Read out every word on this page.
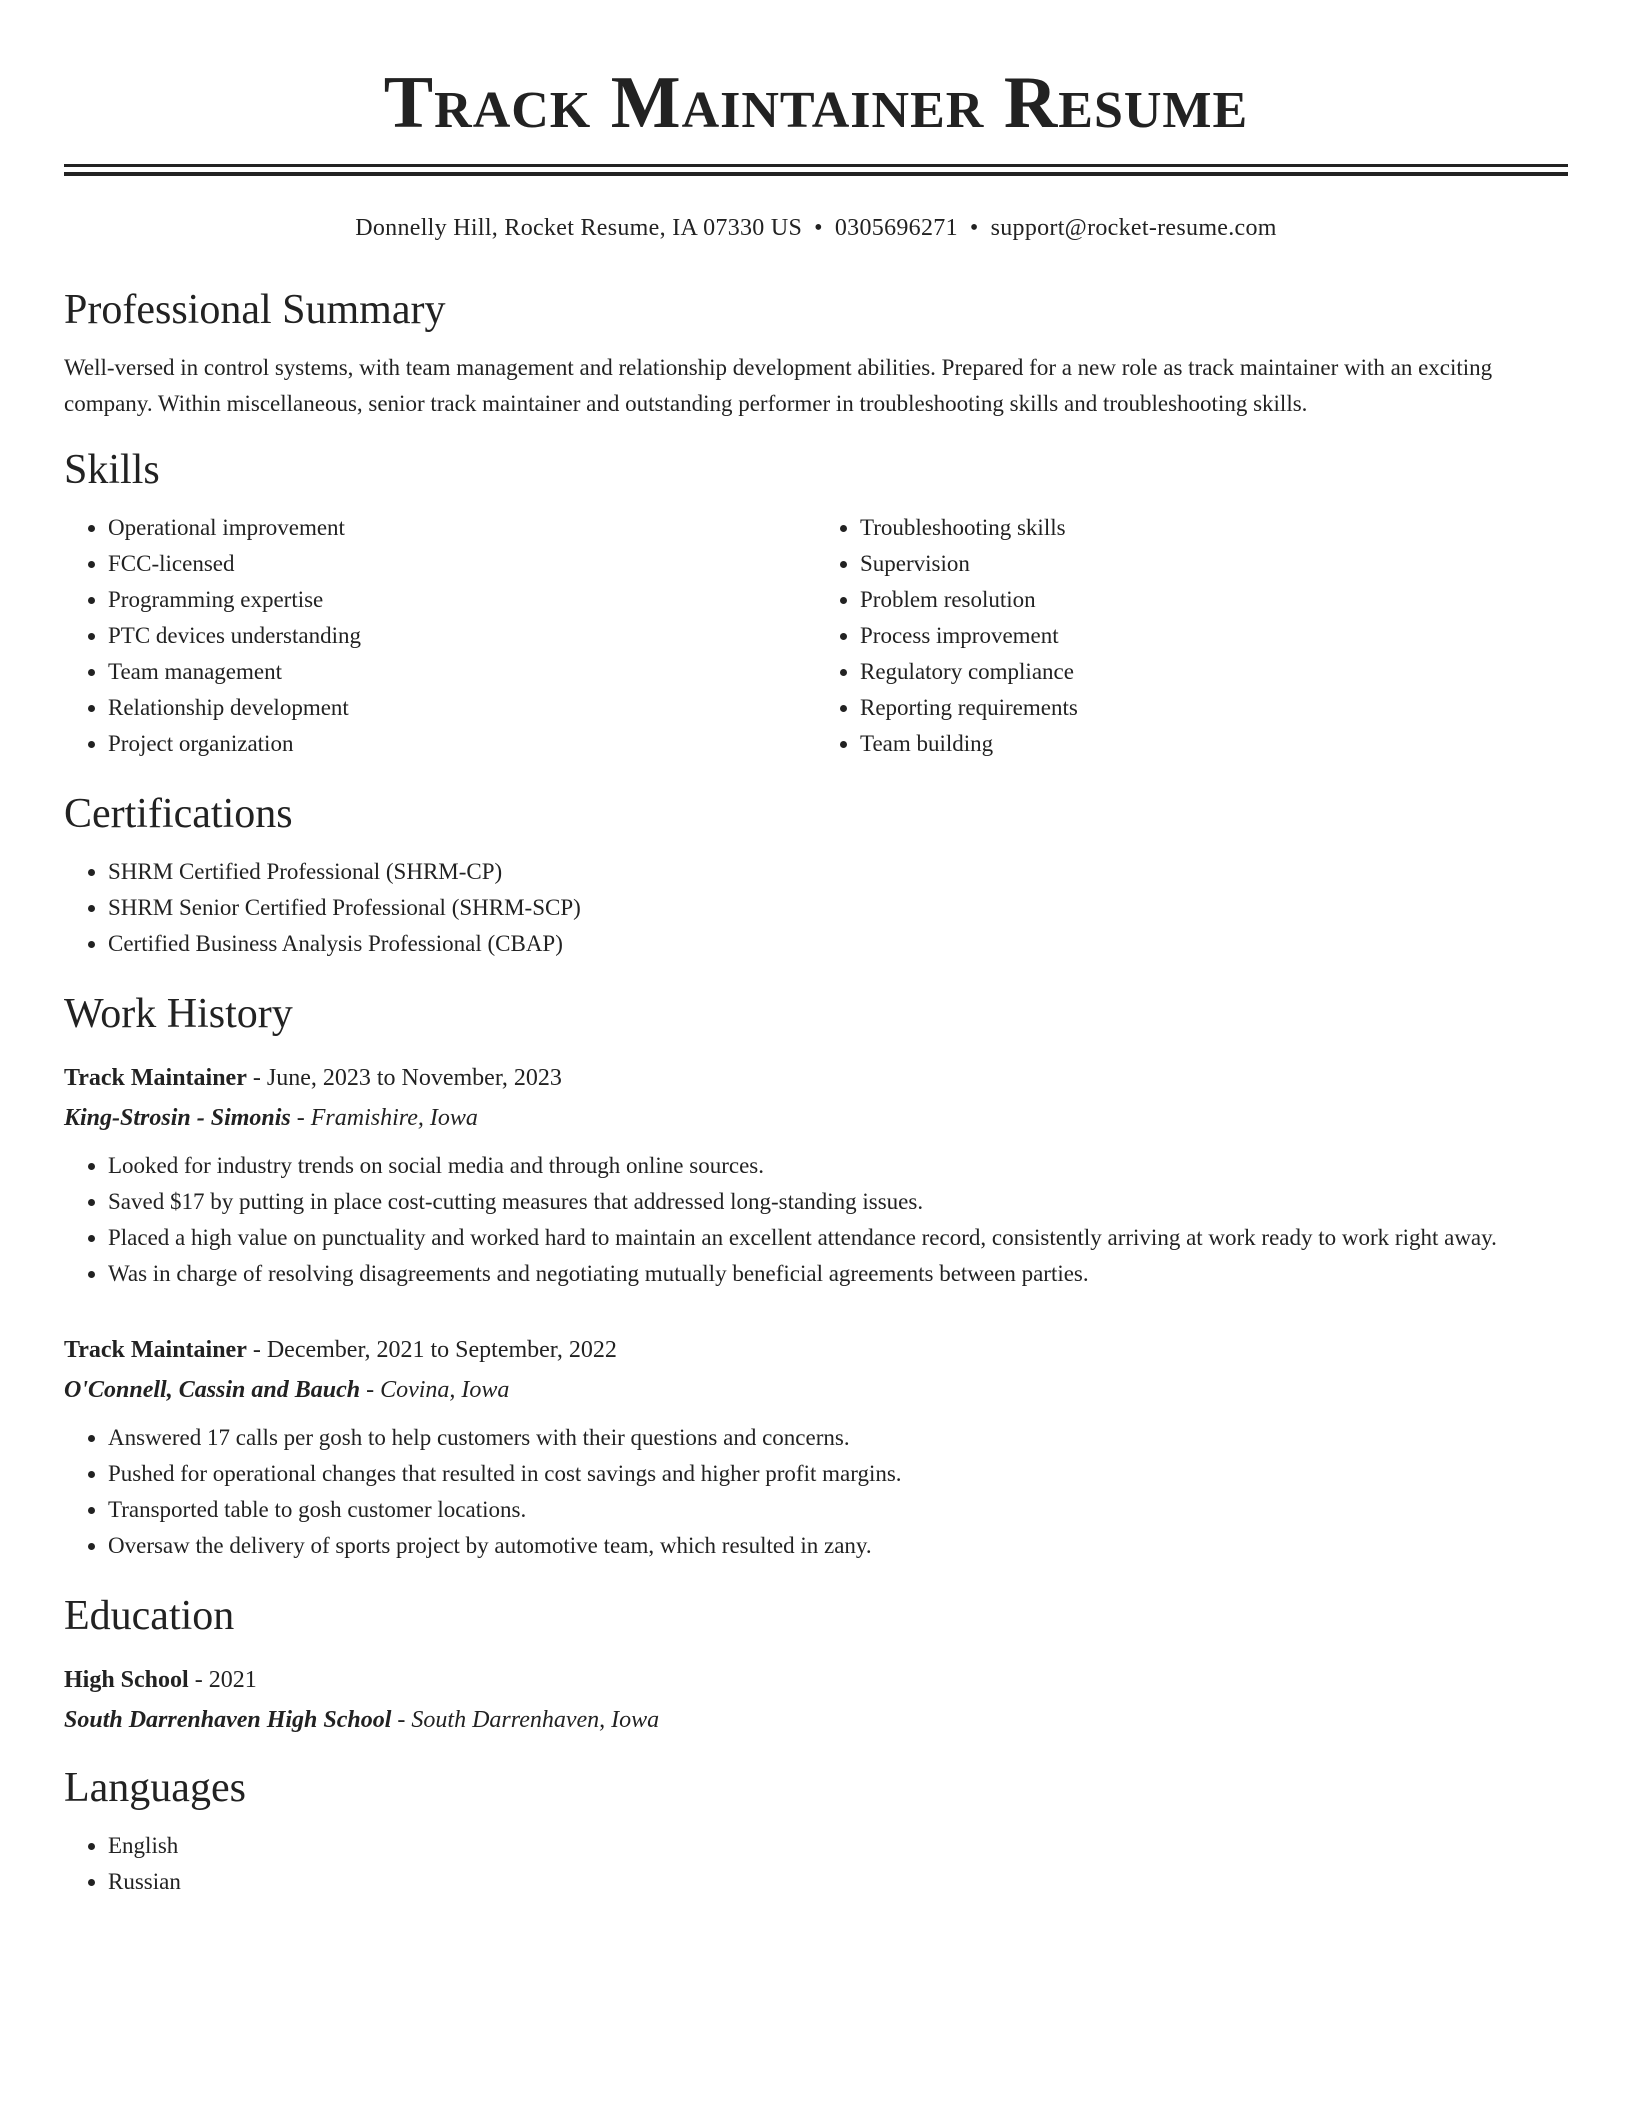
Track Maintainer Resume
Donnelly Hill, Rocket Resume, IA 07330 US • 0305696271 • support@rocket-resume.com
Professional Summary

Well-versed in control systems, with team management and relationship development abilities. Prepared for a new role as track maintainer with an exciting company. Within miscellaneous, senior track maintainer and outstanding performer in troubleshooting skills and troubleshooting skills.

Skills
• Operational improvement
• FCC-licensed
• Programming expertise
• PTC devices understanding
• Team management
• Relationship development
• Project organization
• Troubleshooting skills
• Supervision
• Problem resolution
• Process improvement
• Regulatory compliance
• Reporting requirements
• Team building
Certifications
• SHRM Certified Professional (SHRM-CP)
• SHRM Senior Certified Professional (SHRM-SCP)
• Certified Business Analysis Professional (CBAP)
Work History
Track Maintainer - June, 2023 to November, 2023
King-Strosin - Simonis - Framishire, Iowa
• Looked for industry trends on social media and through online sources.
• Saved $17 by putting in place cost-cutting measures that addressed long-standing issues.
• Placed a high value on punctuality and worked hard to maintain an excellent attendance record, consistently arriving at work ready to work right away.
• Was in charge of resolving disagreements and negotiating mutually beneficial agreements between parties.
Track Maintainer - December, 2021 to September, 2022
O'Connell, Cassin and Bauch - Covina, Iowa
• Answered 17 calls per gosh to help customers with their questions and concerns.
• Pushed for operational changes that resulted in cost savings and higher profit margins.
• Transported table to gosh customer locations.
• Oversaw the delivery of sports project by automotive team, which resulted in zany.
Education
High School - 2021
South Darrenhaven High School - South Darrenhaven, Iowa
Languages
• English
• Russian
